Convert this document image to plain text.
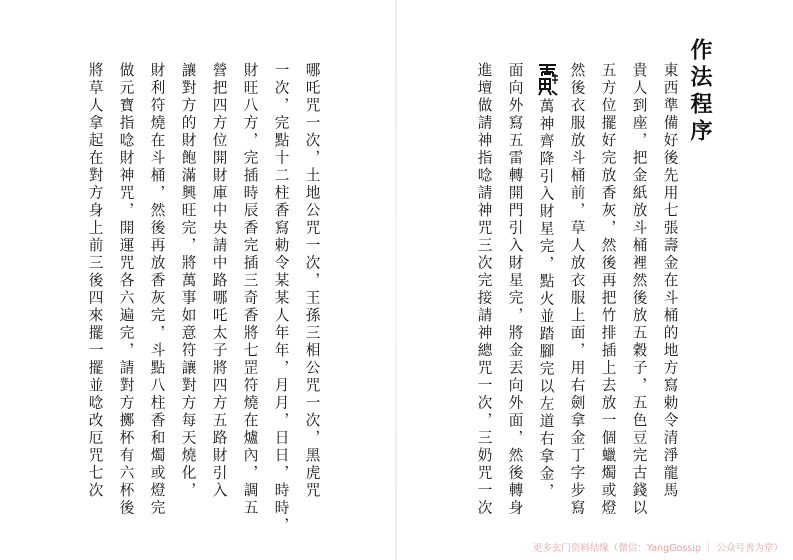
作法程序
東西準備好後先用七張壽金在斗桶的地方寫勅令清淨龍馬
貴人到座，把金紙放斗桶裡然後放五穀子，五色豆完古錢以
五方位擺好完放香灰，然後再把竹排插上去放一個蠟燭或燈
然後衣服放斗桶前，草人放衣服上面，用右劍拿金丁字步寫
萬神齊降引入財星完，點火並踏腳完以左道右拿金，
面向外寫五雷轉開門引入財星完，將金丟向外面，然後轉身
進壇做請神指唸請神咒三次完接請神總咒一次，三奶咒一次
哪吒咒一次，土地公咒一次，王孫三相公咒一次，黑虎咒
一次，完點十二柱香寫勅令某某人年年，月月，日日，時時，
財旺八方，完插時辰香完插三奇香將七罡符燒在爐內，調五
營把四方位開財庫中央請中路哪吒太子將四方五路財引入
讓對方的財飽滿興旺完，將萬事如意符讓對方每天燒化，
財利符燒在斗桶，然後再放香灰完，斗點八柱香和燭或燈完
做元寶指唸財神咒，開運咒各六遍完，請對方擲杯有六杯後
將草人拿起在對方身上前三後四來擺一擺並唸改厄咒七次
更多玄门资料结缘（微信：YangGossip ｜ 公众号善为堂）
